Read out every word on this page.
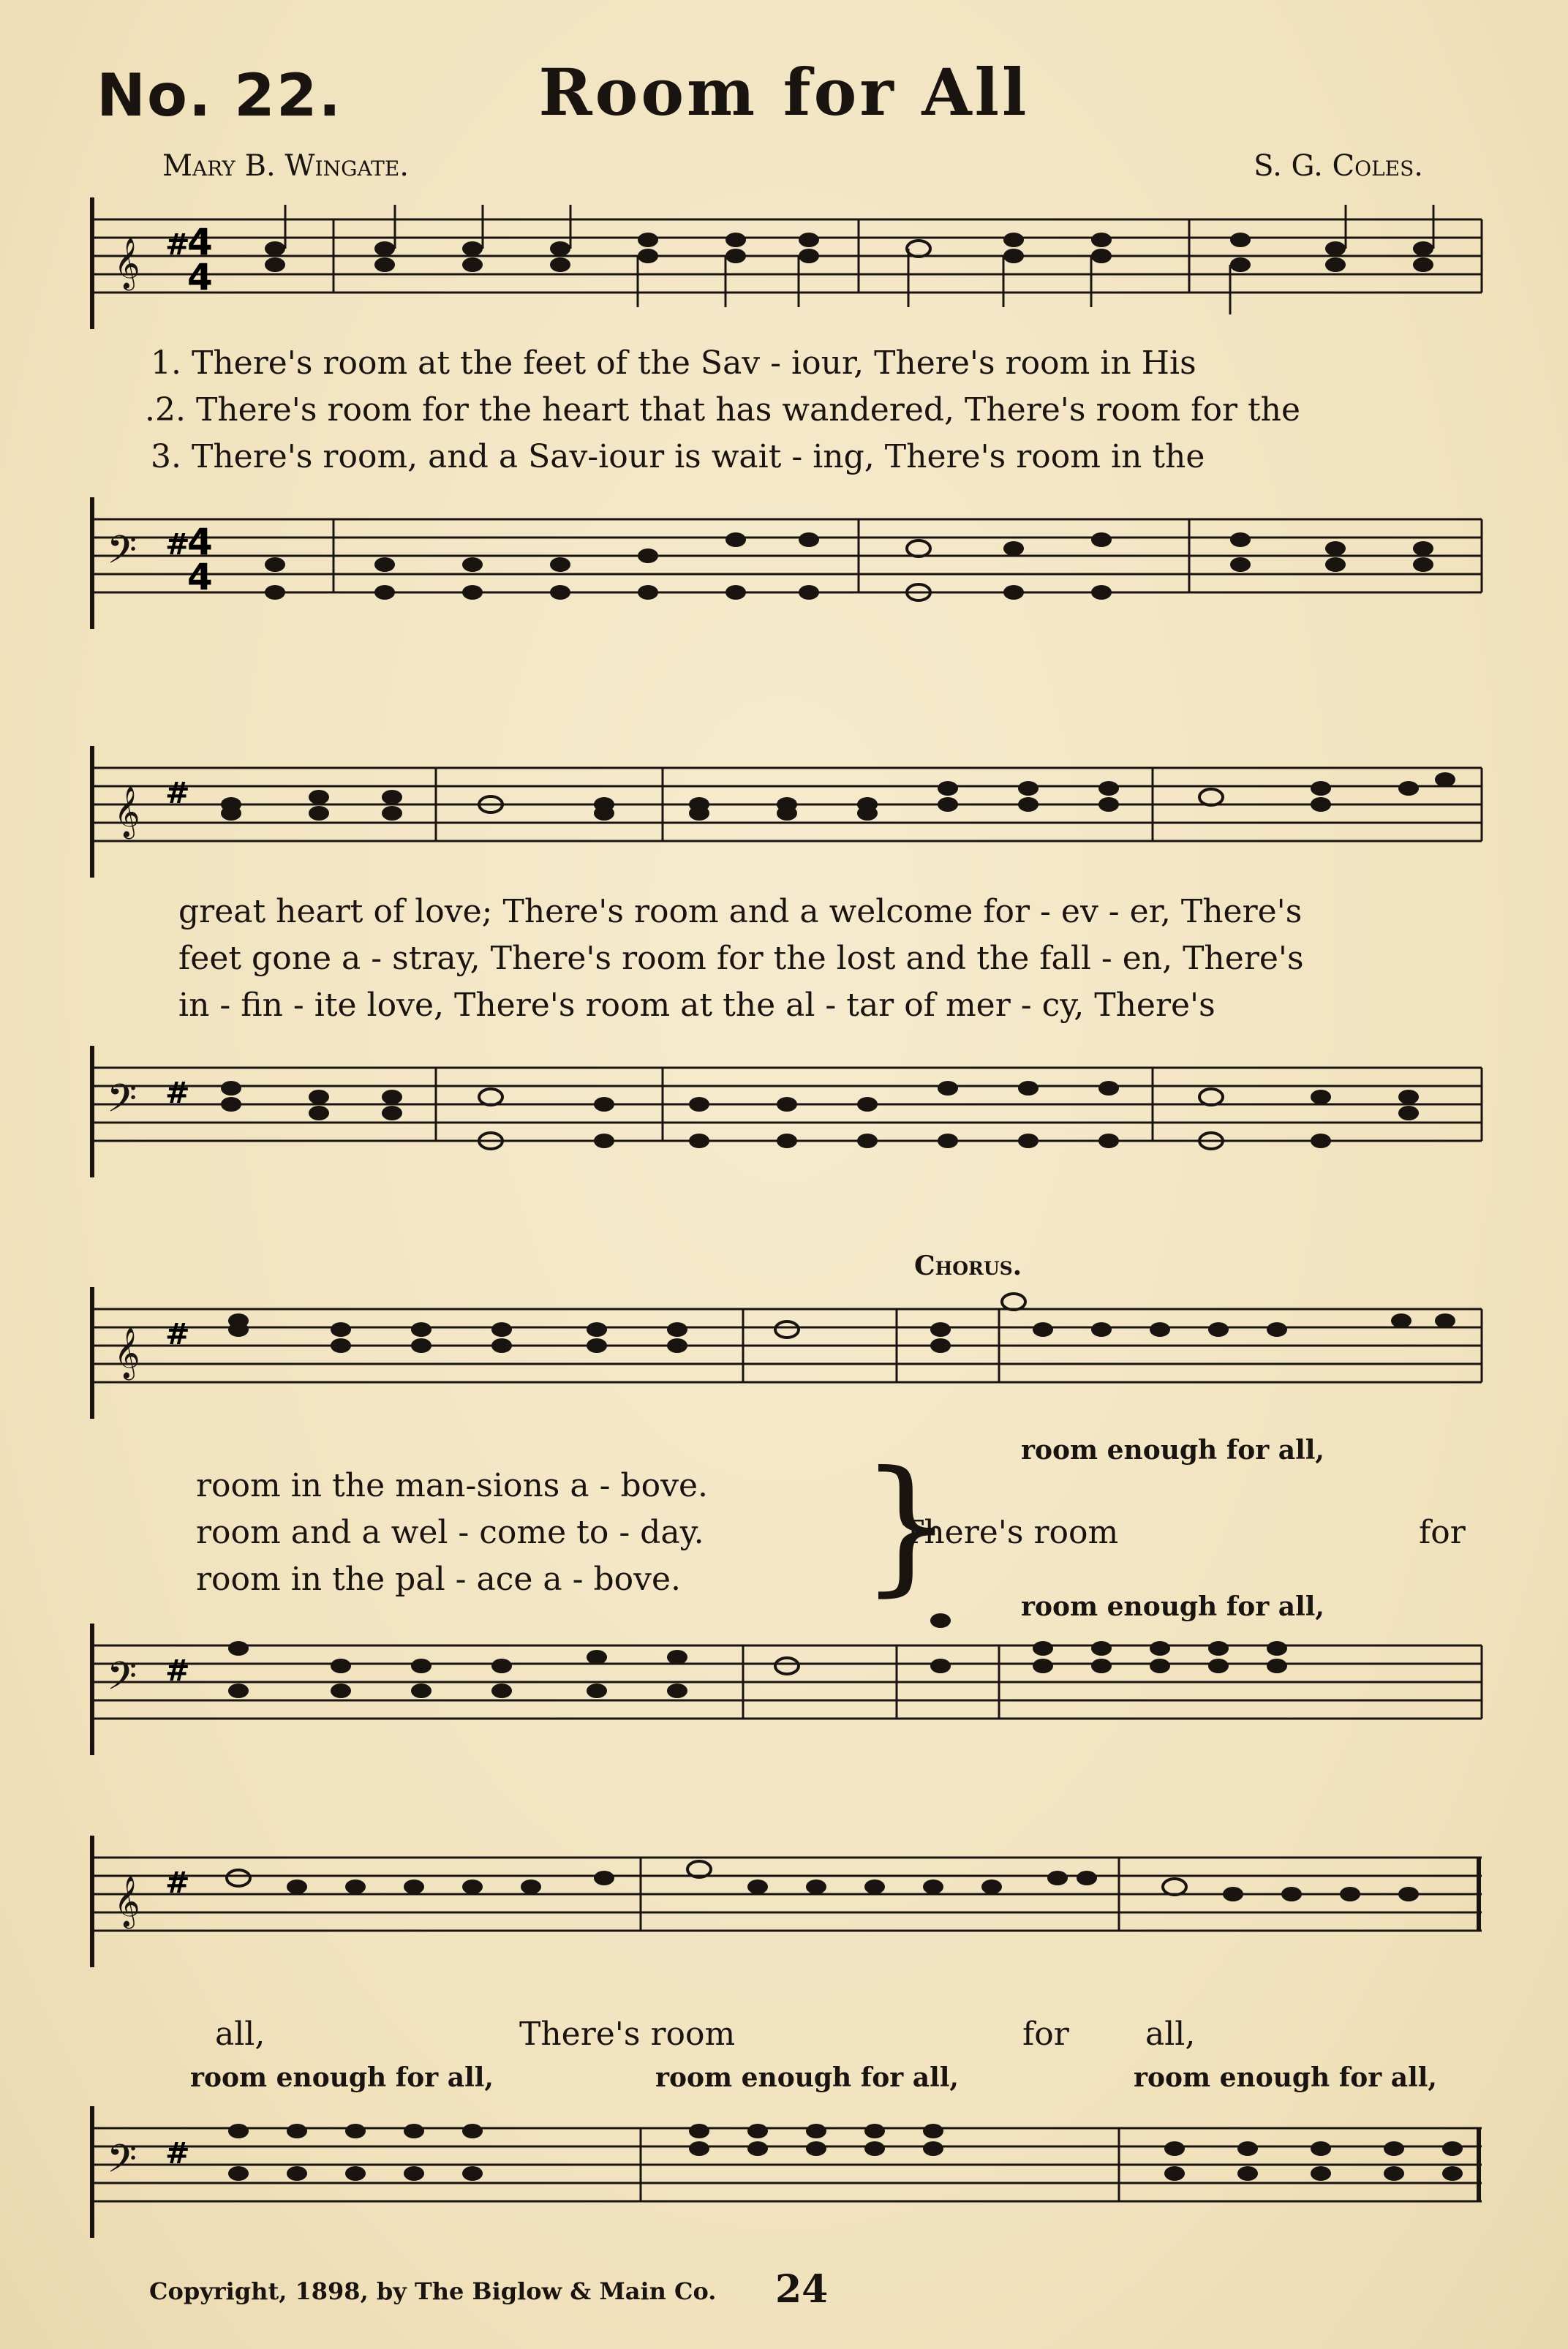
No. 22.	Room for All
Mary B. Wingate.	S. G. Coles.
𝄞 #
4
4
1. There's room at the feet of the Sav - iour, There's room in His
.2. There's room for the heart that has wandered, There's room for the
3. There's room, and a Sav-iour is wait - ing, There's room in the
𝄢 #
4
4
𝄞 #
great heart of love; There's room and a welcome for - ev - er, There's
feet gone a - stray, There's room for the lost and the fall - en, There's
in - fin - ite love, There's room at the al - tar of mer - cy, There's
𝄢 #
Chorus.
𝄞 #
room enough for all,
room in the man-sions a - bove.
room and a wel - come to - day.
room in the pal - ace a - bove. }
There's room	for
room enough for all,
𝄢 #
𝄞 #
all,	There's room	for all,
room enough for all,	room enough for all,	room enough for all,
𝄢 #
Copyright, 1898, by The Biglow & Main Co. 24
